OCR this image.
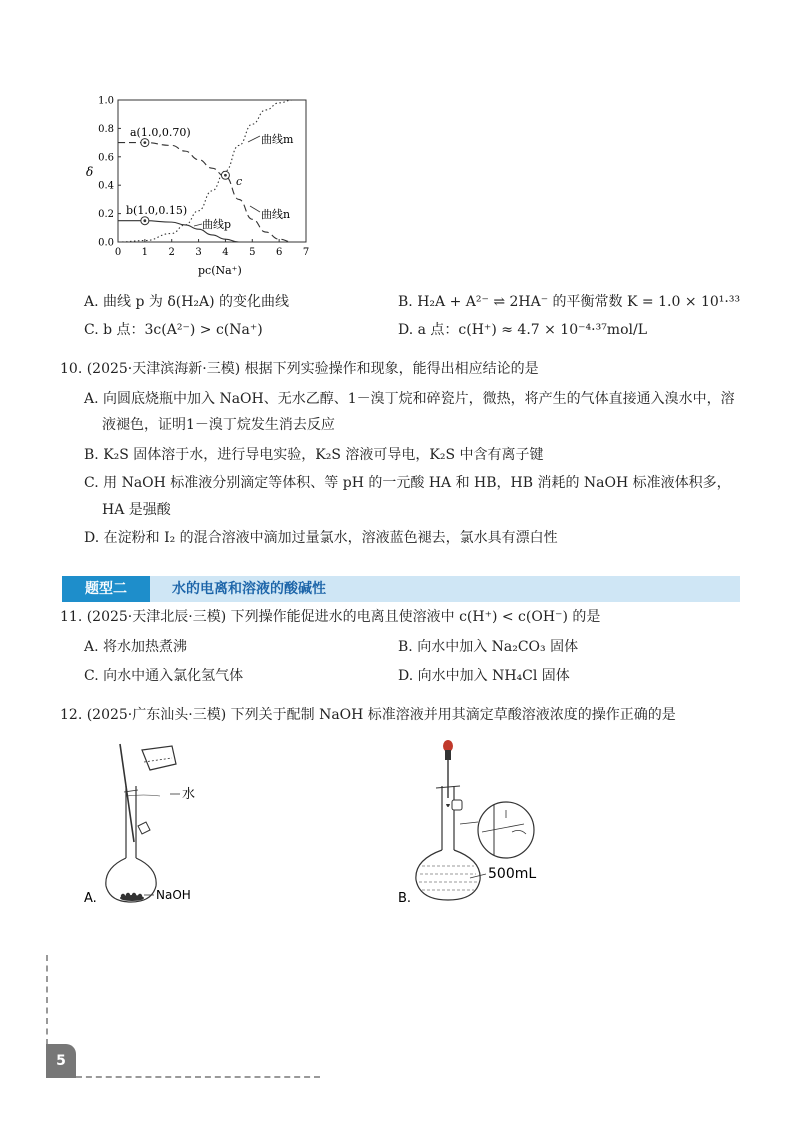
0 1 2 3 4 5 6 7
0.0
0.2
0.4
0.6
0.8
1.0
δ
pc(Na⁺)
a(1.0,0.70)
b(1.0,0.15)
c
曲线m
曲线n
曲线p
A. 曲线 p 为 δ(H₂A) 的变化曲线	B. H₂A + A²⁻ ⇌ 2HA⁻ 的平衡常数 K = 1.0 × 10¹·³³
C. b 点：3c(A²⁻) > c(Na⁺)	D. a 点：c(H⁺) ≈ 4.7 × 10⁻⁴·³⁷mol/L
10. (2025·天津滨海新·三模) 根据下列实验操作和现象，能得出相应结论的是
A. 向圆底烧瓶中加入 NaOH、无水乙醇、1－溴丁烷和碎瓷片，微热，将产生的气体直接通入溴水中，溶
液褪色，证明1－溴丁烷发生消去反应
B. K₂S 固体溶于水，进行导电实验，K₂S 溶液可导电，K₂S 中含有离子键
C. 用 NaOH 标准液分别滴定等体积、等 pH 的一元酸 HA 和 HB，HB 消耗的 NaOH 标准液体积多，
HA 是强酸
D. 在淀粉和 I₂ 的混合溶液中滴加过量氯水，溶液蓝色褪去，氯水具有漂白性
题型二	水的电离和溶液的酸碱性
11. (2025·天津北辰·三模) 下列操作能促进水的电离且使溶液中 c(H⁺) < c(OH⁻) 的是
A. 将水加热煮沸	B. 向水中加入 Na₂CO₃ 固体
C. 向水中通入氯化氢气体	D. 向水中加入 NH₄Cl 固体
12. (2025·广东汕头·三模) 下列关于配制 NaOH 标准溶液并用其滴定草酸溶液浓度的操作正确的是
水
NaOH
A.
500mL
B.
5
